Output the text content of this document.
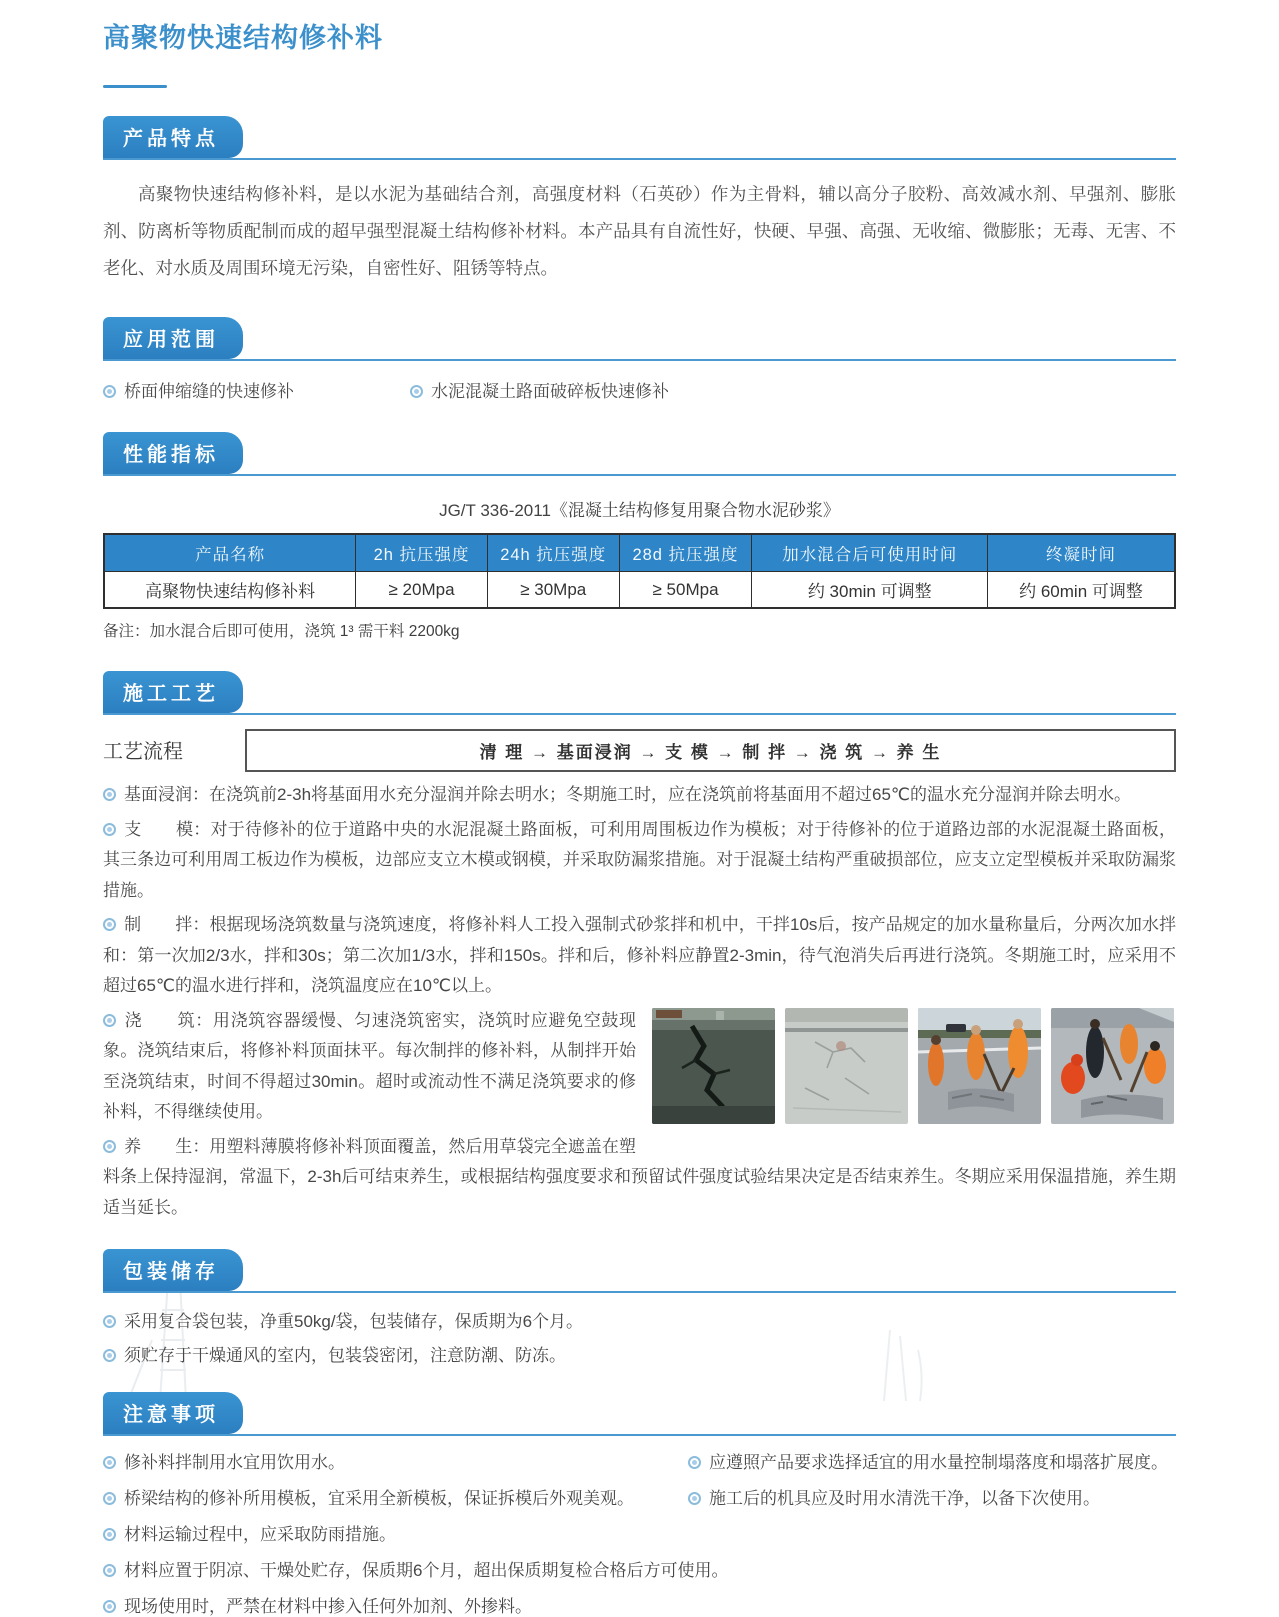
高聚物快速结构修补料
产品特点
高聚物快速结构修补料，是以水泥为基础结合剂，高强度材料（石英砂）作为主骨料，辅以高分子胶粉、高效减水剂、早强剂、膨胀剂、防离析等物质配制而成的超早强型混凝土结构修补材料。本产品具有自流性好，快硬、早强、高强、无收缩、微膨胀；无毒、无害、不老化、对水质及周围环境无污染，自密性好、阻锈等特点。
应用范围
桥面伸缩缝的快速修补	水泥混凝土路面破碎板快速修补
性能指标
JG/T 336-2011《混凝土结构修复用聚合物水泥砂浆》
产品名称	2h 抗压强度	24h 抗压强度	28d 抗压强度	加水混合后可使用时间	终凝时间
高聚物快速结构修补料	≥ 20Mpa	≥ 30Mpa	≥ 50Mpa	约 30min 可调整	约 60min 可调整
备注：加水混合后即可使用，浇筑 1³ 需干料 2200kg
施工工艺
工艺流程	清 理 → 基面浸润 → 支 模 → 制 拌 → 浇 筑 → 养 生
基面浸润：在浇筑前2-3h将基面用水充分湿润并除去明水；冬期施工时，应在浇筑前将基面用不超过65℃的温水充分湿润并除去明水。
支　　模：对于待修补的位于道路中央的水泥混凝土路面板，可利用周围板边作为模板；对于待修补的位于道路边部的水泥混凝土路面板，其三条边可利用周工板边作为模板，边部应支立木模或钢模，并采取防漏浆措施。对于混凝土结构严重破损部位，应支立定型模板并采取防漏浆措施。
制　　拌：根据现场浇筑数量与浇筑速度，将修补料人工投入强制式砂浆拌和机中，干拌10s后，按产品规定的加水量称量后，分两次加水拌和：第一次加2/3水，拌和30s；第二次加1/3水，拌和150s。拌和后，修补料应静置2-3min，待气泡消失后再进行浇筑。冬期施工时，应采用不超过65℃的温水进行拌和，浇筑温度应在10℃以上。
浇　　筑：用浇筑容器缓慢、匀速浇筑密实，浇筑时应避免空鼓现象。浇筑结束后，将修补料顶面抹平。每次制拌的修补料，从制拌开始至浇筑结束，时间不得超过30min。超时或流动性不满足浇筑要求的修补料，不得继续使用。
养　　生：用塑料薄膜将修补料顶面覆盖，然后用草袋完全遮盖在塑料条上保持湿润，常温下，2-3h后可结束养生，或根据结构强度要求和预留试件强度试验结果决定是否结束养生。冬期应采用保温措施，养生期适当延长。
包装储存
采用复合袋包装，净重50kg/袋，包装储存，保质期为6个月。
须贮存于干燥通风的室内，包装袋密闭，注意防潮、防冻。
注意事项
修补料拌制用水宜用饮用水。	应遵照产品要求选择适宜的用水量控制塌落度和塌落扩展度。
桥梁结构的修补所用模板，宜采用全新模板，保证拆模后外观美观。	施工后的机具应及时用水清洗干净，以备下次使用。
材料运输过程中，应采取防雨措施。
材料应置于阴凉、干燥处贮存，保质期6个月，超出保质期复检合格后方可使用。
现场使用时，严禁在材料中掺入任何外加剂、外掺料。
